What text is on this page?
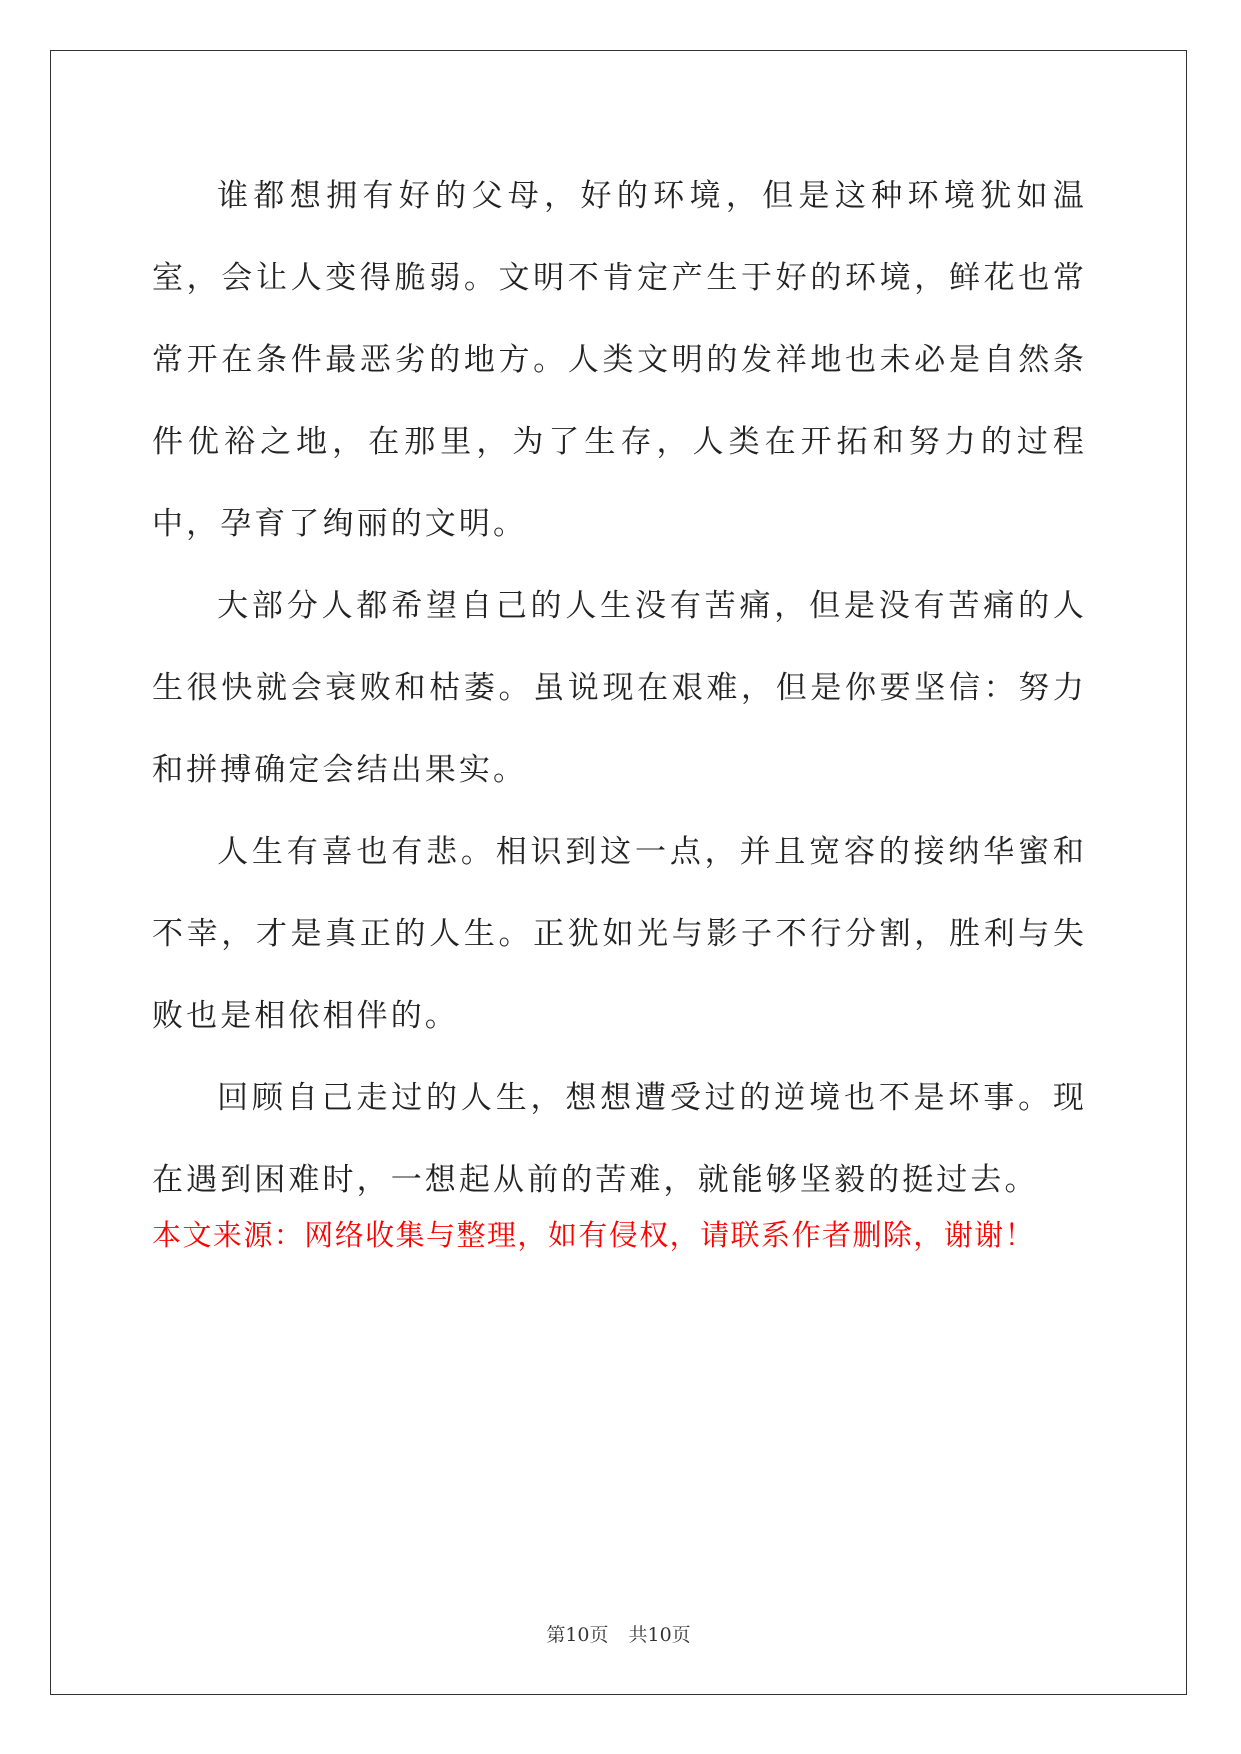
谁都想拥有好的父母，好的环境，但是这种环境犹如温室，会让人变得脆弱。文明不肯定产生于好的环境，鲜花也常常开在条件最恶劣的地方。人类文明的发祥地也未必是自然条件优裕之地，在那里，为了生存，人类在开拓和努力的过程中，孕育了绚丽的文明。

大部分人都希望自己的人生没有苦痛，但是没有苦痛的人生很快就会衰败和枯萎。虽说现在艰难，但是你要坚信：努力和拼搏确定会结出果实。

人生有喜也有悲。相识到这一点，并且宽容的接纳华蜜和不幸，才是真正的人生。正犹如光与影子不行分割，胜利与失败也是相依相伴的。

回顾自己走过的人生，想想遭受过的逆境也不是坏事。现在遇到困难时，一想起从前的苦难，就能够坚毅的挺过去。

本文来源：网络收集与整理，如有侵权，请联系作者删除，谢谢！

第10页 共10页
